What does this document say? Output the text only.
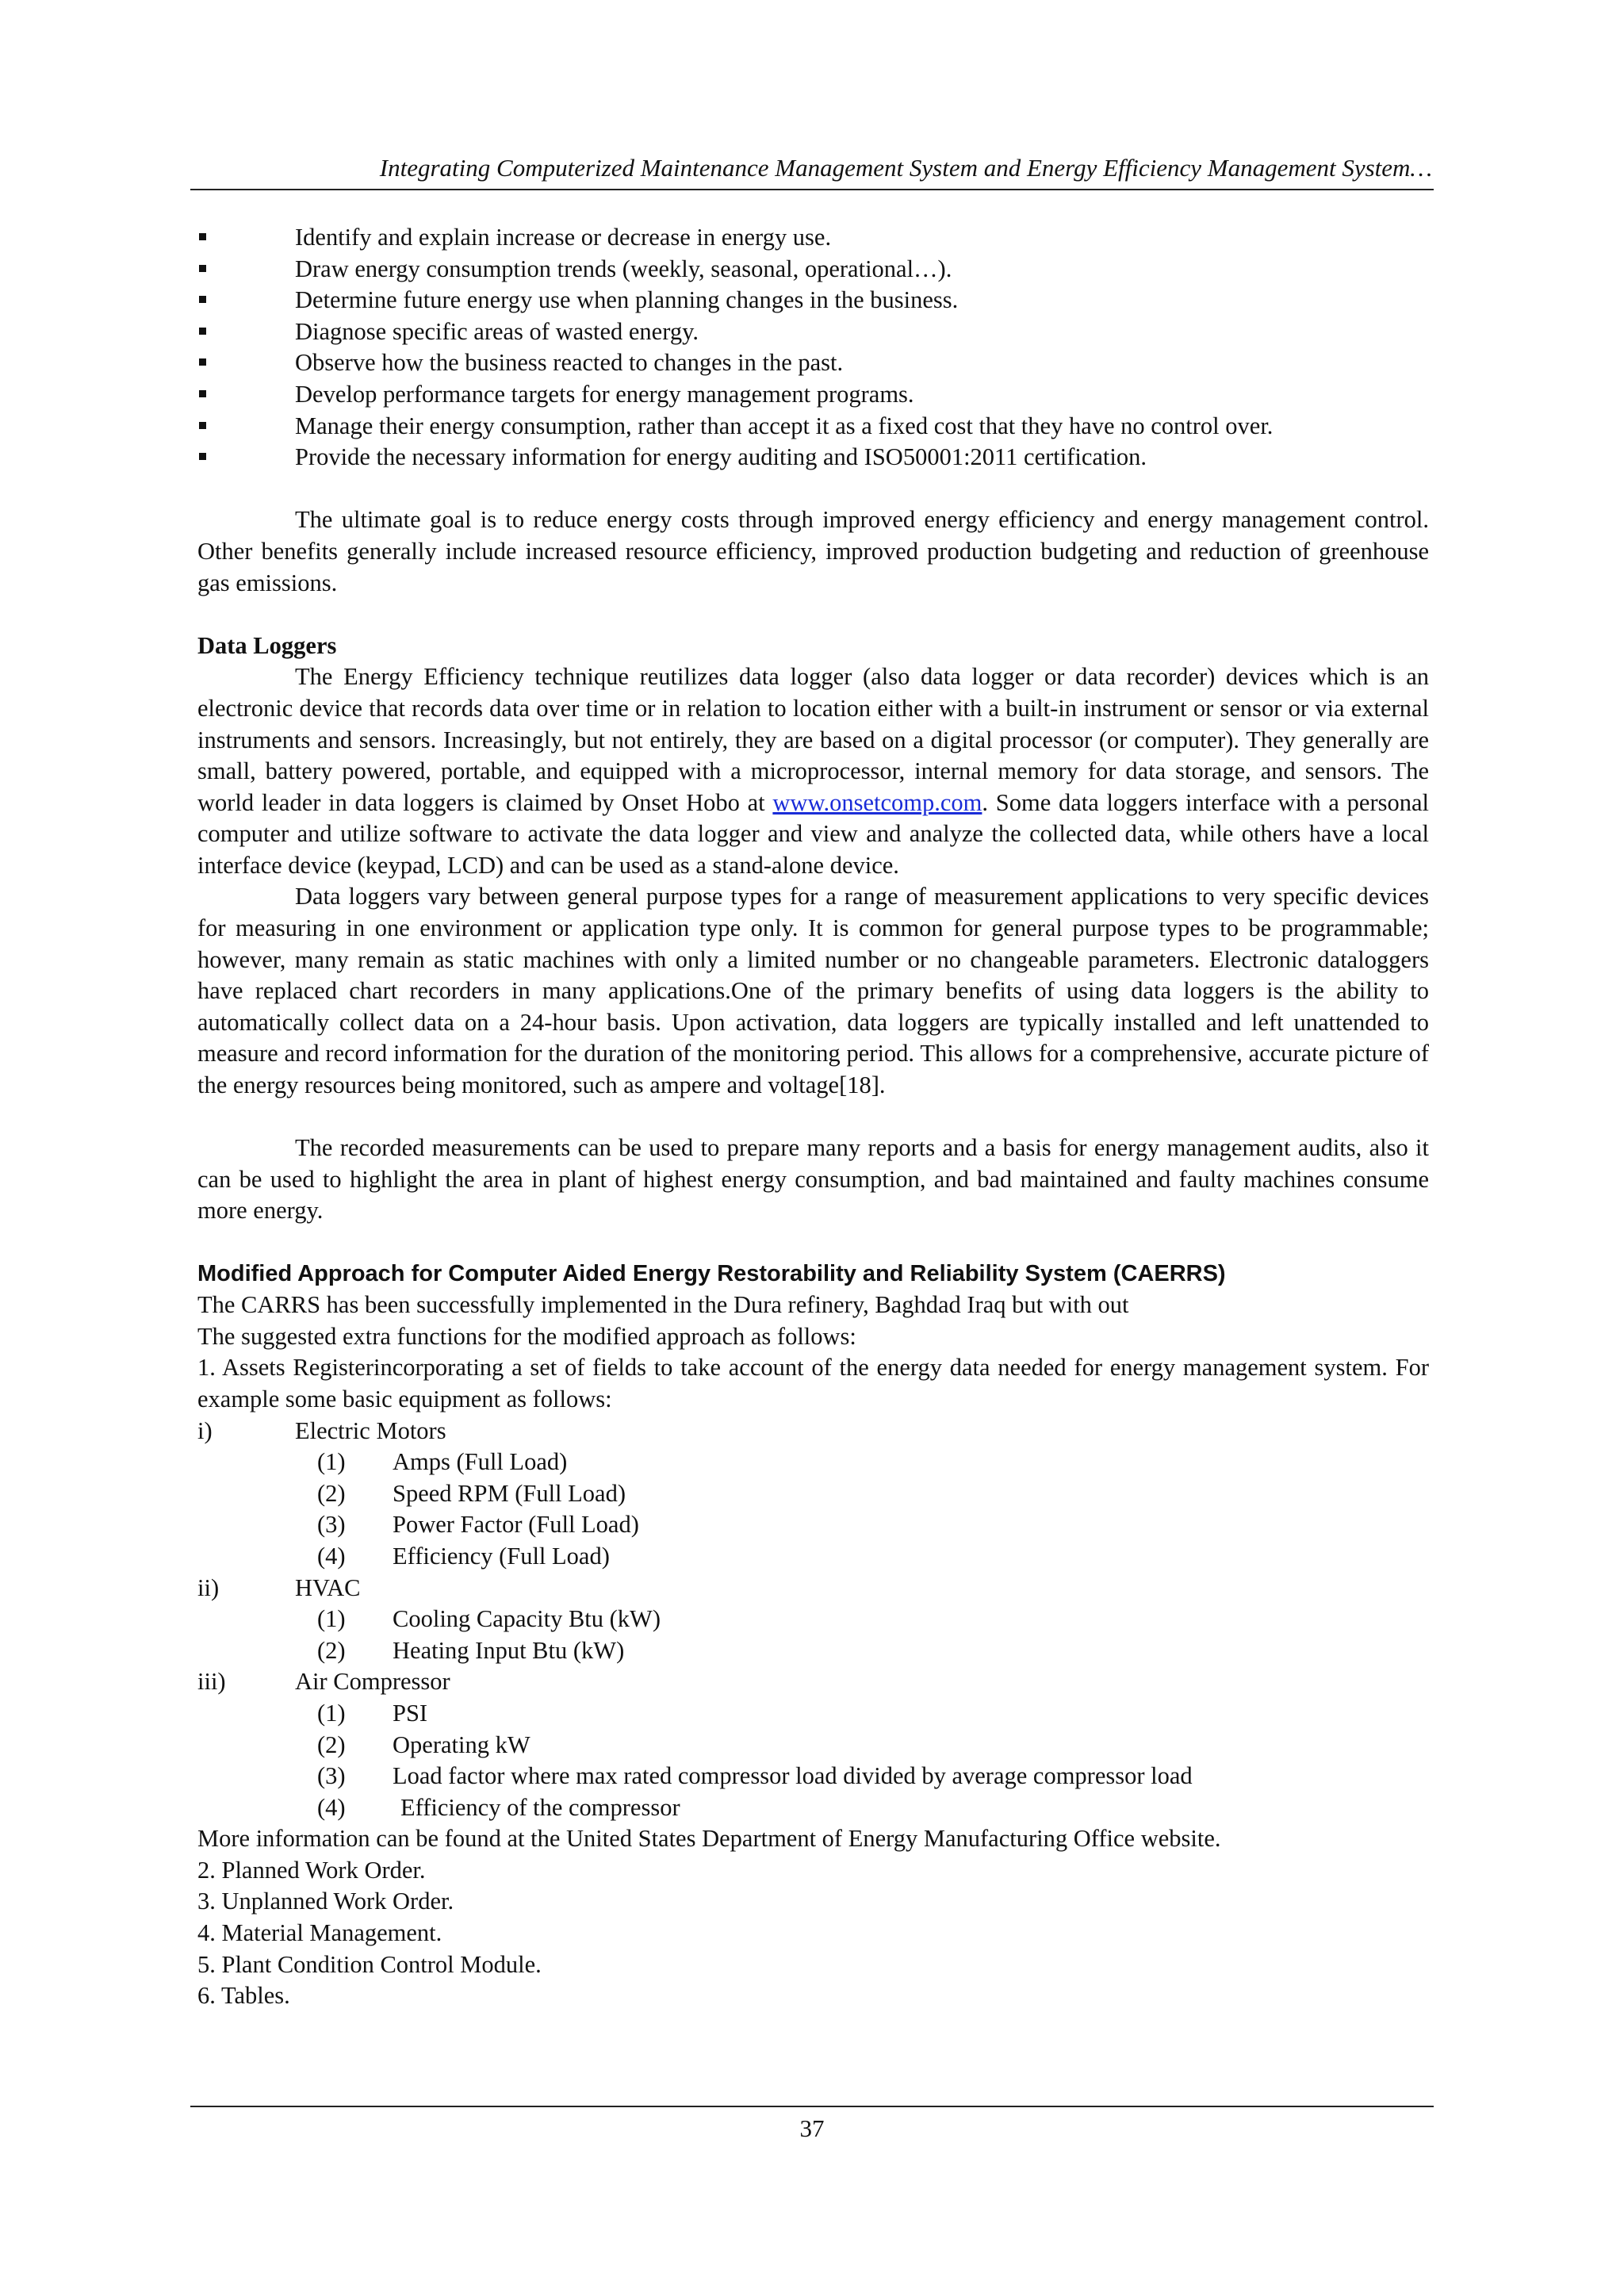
Integrating Computerized Maintenance Management System and Energy Efficiency Management System…
Identify and explain increase or decrease in energy use.
Draw energy consumption trends (weekly, seasonal, operational…).
Determine future energy use when planning changes in the business.
Diagnose specific areas of wasted energy.
Observe how the business reacted to changes in the past.
Develop performance targets for energy management programs.
Manage their energy consumption, rather than accept it as a fixed cost that they have no control over.
Provide the necessary information for energy auditing and ISO50001:2011 certification.

The ultimate goal is to reduce energy costs through improved energy efficiency and energy management control. Other benefits generally include increased resource efficiency, improved production budgeting and reduction of greenhouse gas emissions.

Data Loggers

The Energy Efficiency technique reutilizes data logger (also data logger or data recorder) devices which is an electronic device that records data over time or in relation to location either with a built-in instrument or sensor or via external instruments and sensors. Increasingly, but not entirely, they are based on a digital processor (or computer). They generally are small, battery powered, portable, and equipped with a microprocessor, internal memory for data storage, and sensors. The world leader in data loggers is claimed by Onset Hobo at www.onsetcomp.com. Some data loggers interface with a personal computer and utilize software to activate the data logger and view and analyze the collected data, while others have a local interface device (keypad, LCD) and can be used as a stand-alone device.

Data loggers vary between general purpose types for a range of measurement applications to very specific devices for measuring in one environment or application type only. It is common for general purpose types to be programmable; however, many remain as static machines with only a limited number or no changeable parameters. Electronic dataloggers have replaced chart recorders in many applications.One of the primary benefits of using data loggers is the ability to automatically collect data on a 24-hour basis. Upon activation, data loggers are typically installed and left unattended to measure and record information for the duration of the monitoring period. This allows for a comprehensive, accurate picture of the energy resources being monitored, such as ampere and voltage[18].

The recorded measurements can be used to prepare many reports and a basis for energy management audits, also it can be used to highlight the area in plant of highest energy consumption, and bad maintained and faulty machines consume more energy.

Modified Approach for Computer Aided Energy Restorability and Reliability System (CAERRS)

The CARRS has been successfully implemented in the Dura refinery, Baghdad Iraq but with out

The suggested extra functions for the modified approach as follows:

1. Assets Registerincorporating a set of fields to take account of the energy data needed for energy management system. For example some basic equipment as follows:

i)	Electric Motors
(1) Amps (Full Load)
(2) Speed RPM (Full Load)
(3) Power Factor (Full Load)
(4) Efficiency (Full Load)
ii)	HVAC
(1) Cooling Capacity Btu (kW)
(2) Heating Input Btu (kW)
iii)	Air Compressor
(1) PSI
(2) Operating kW
(3) Load factor where max rated compressor load divided by average compressor load
(4) Efficiency of the compressor

More information can be found at the United States Department of Energy Manufacturing Office website.

2. Planned Work Order.

3. Unplanned Work Order.

4. Material Management.

5. Plant Condition Control Module.

6. Tables.

37
